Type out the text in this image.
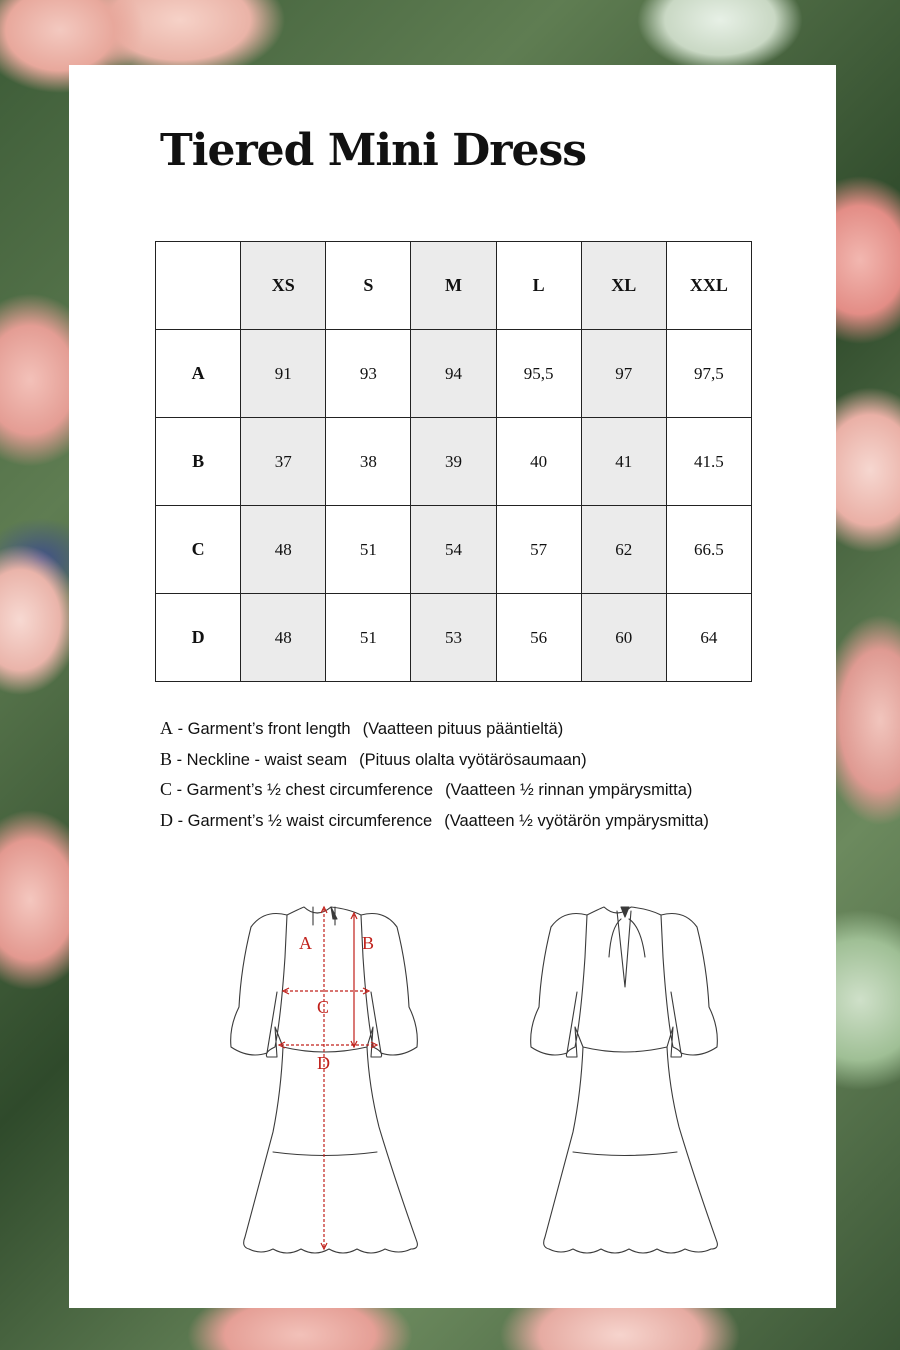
Tiered Mini Dress
	XS	S	M	L	XL	XXL
A	91	93	94	95,5	97	97,5
B	37	38	39	40	41	41.5
C	48	51	54	57	62	66.5
D	48	51	53	56	60	64
A - Garment’s front length (Vaatteen pituus pääntieltä)
B - Neckline - waist seam (Pituus olalta vyötärösaumaan)
C - Garment’s ½ chest circumference (Vaatteen ½ rinnan ympärysmitta)
D - Garment’s ½ waist circumference (Vaatteen ½ vyötärön ympärysmitta)
A	B
C
D
